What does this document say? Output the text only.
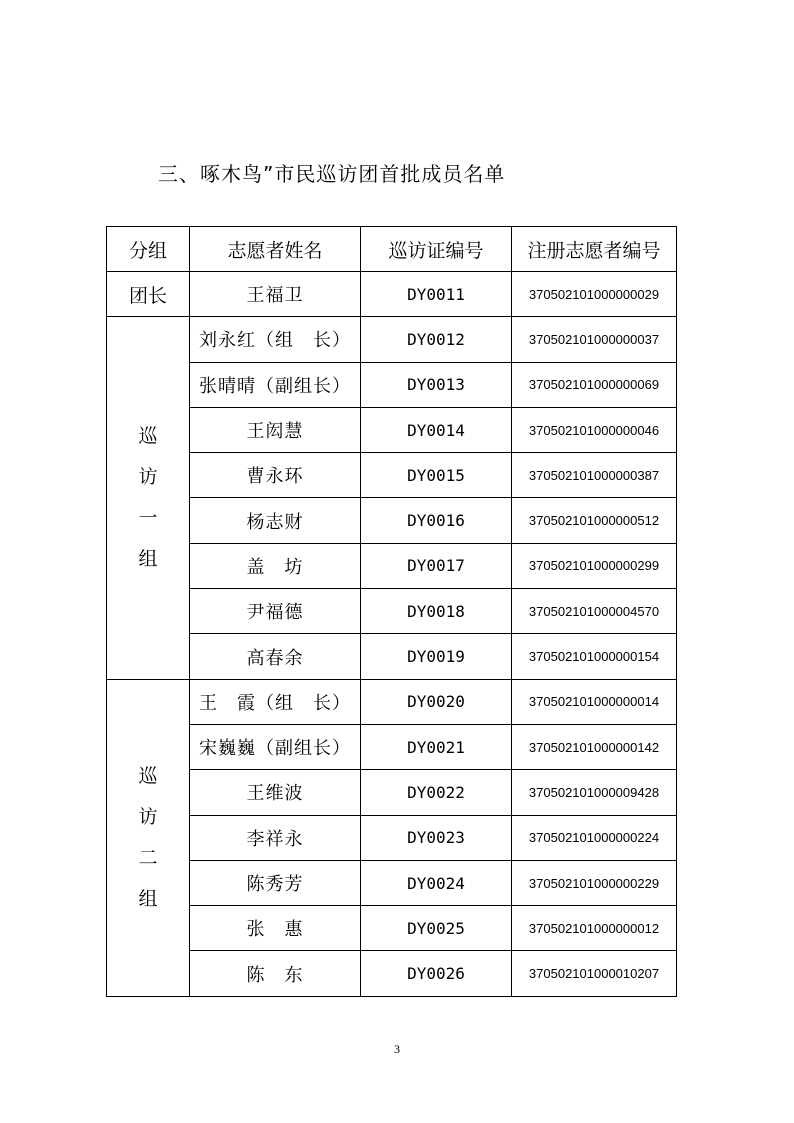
三、啄木鸟”市民巡访团首批成员名单
分组	志愿者姓名	巡访证编号	注册志愿者编号
团长	王福卫	DY0011	370502101000000029

巡
访
一
组	刘永红（组　长）	DY0012	370502101000000037
	张晴晴（副组长）	DY0013	370502101000000069
	王闳慧	DY0014	370502101000000046
	曹永环	DY0015	370502101000000387
	杨志财	DY0016	370502101000000512
	盖　坊	DY0017	370502101000000299
	尹福德	DY0018	370502101000004570
	高春余	DY0019	370502101000000154

巡
访
二
组	王　霞（组　长）	DY0020	370502101000000014
	宋巍巍（副组长）	DY0021	370502101000000142
	王维波	DY0022	370502101000009428
	李祥永	DY0023	370502101000000224
	陈秀芳	DY0024	370502101000000229
	张　惠	DY0025	370502101000000012
	陈　东	DY0026	370502101000010207
3
